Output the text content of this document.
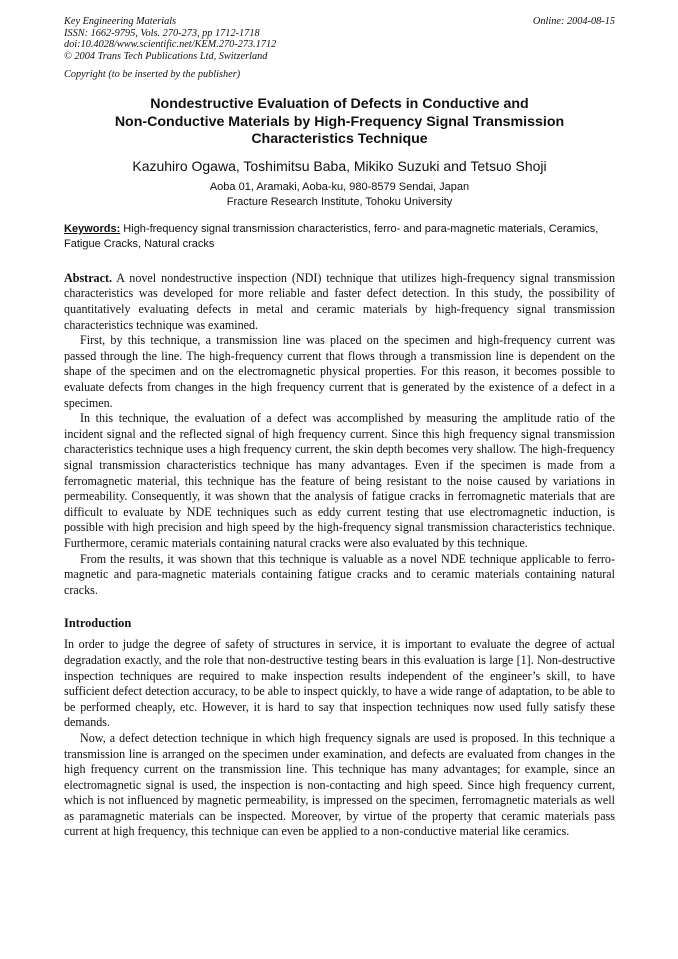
Key Engineering Materials
ISSN: 1662-9795, Vols. 270-273, pp 1712-1718
doi:10.4028/www.scientific.net/KEM.270-273.1712
© 2004 Trans Tech Publications Ltd, Switzerland
Online: 2004-08-15
Copyright (to be inserted by the publisher)
Nondestructive Evaluation of Defects in Conductive and
Non-Conductive Materials by High-Frequency Signal Transmission
Characteristics Technique
Kazuhiro Ogawa, Toshimitsu Baba, Mikiko Suzuki and Tetsuo Shoji
Aoba 01, Aramaki, Aoba-ku, 980-8579 Sendai, Japan
Fracture Research Institute, Tohoku University
Keywords: High-frequency signal transmission characteristics, ferro- and para-magnetic materials, Ceramics, Fatigue Cracks, Natural cracks

Abstract. A novel nondestructive inspection (NDI) technique that utilizes high-frequency signal transmission characteristics was developed for more reliable and faster defect detection. In this study, the possibility of quantitatively evaluating defects in metal and ceramic materials by high-frequency signal transmission characteristics technique was examined.

First, by this technique, a transmission line was placed on the specimen and high-frequency current was passed through the line. The high-frequency current that flows through a transmission line is dependent on the shape of the specimen and on the electromagnetic physical properties. For this reason, it becomes possible to evaluate defects from changes in the high frequency current that is generated by the existence of a defect in a specimen.

In this technique, the evaluation of a defect was accomplished by measuring the amplitude ratio of the incident signal and the reflected signal of high frequency current. Since this high frequency signal transmission characteristics technique uses a high frequency current, the skin depth becomes very shallow. The high-frequency signal transmission characteristics technique has many advantages. Even if the specimen is made from a ferromagnetic material, this technique has the feature of being resistant to the noise caused by variations in permeability. Consequently, it was shown that the analysis of fatigue cracks in ferromagnetic materials that are difficult to evaluate by NDE techniques such as eddy current testing that use electromagnetic induction, is possible with high precision and high speed by the high-frequency signal transmission characteristics technique. Furthermore, ceramic materials containing natural cracks were also evaluated by this technique.

From the results, it was shown that this technique is valuable as a novel NDE technique applicable to ferro-magnetic and para-magnetic materials containing fatigue cracks and to ceramic materials containing natural cracks.

Introduction

In order to judge the degree of safety of structures in service, it is important to evaluate the degree of actual degradation exactly, and the role that non-destructive testing bears in this evaluation is large [1]. Non-destructive inspection techniques are required to make inspection results independent of the engineer’s skill, to have sufficient defect detection accuracy, to be able to inspect quickly, to have a wide range of adaptation, to be able to be performed cheaply, etc. However, it is hard to say that inspection techniques now used fully satisfy these demands.

Now, a defect detection technique in which high frequency signals are used is proposed. In this technique a transmission line is arranged on the specimen under examination, and defects are evaluated from changes in the high frequency current on the transmission line. This technique has many advantages; for example, since an electromagnetic signal is used, the inspection is non-contacting and high speed. Since high frequency current, which is not influenced by magnetic permeability, is impressed on the specimen, ferromagnetic materials as well as paramagnetic materials can be inspected. Moreover, by virtue of the property that ceramic materials pass current at high frequency, this technique can even be applied to a non-conductive material like ceramics.
